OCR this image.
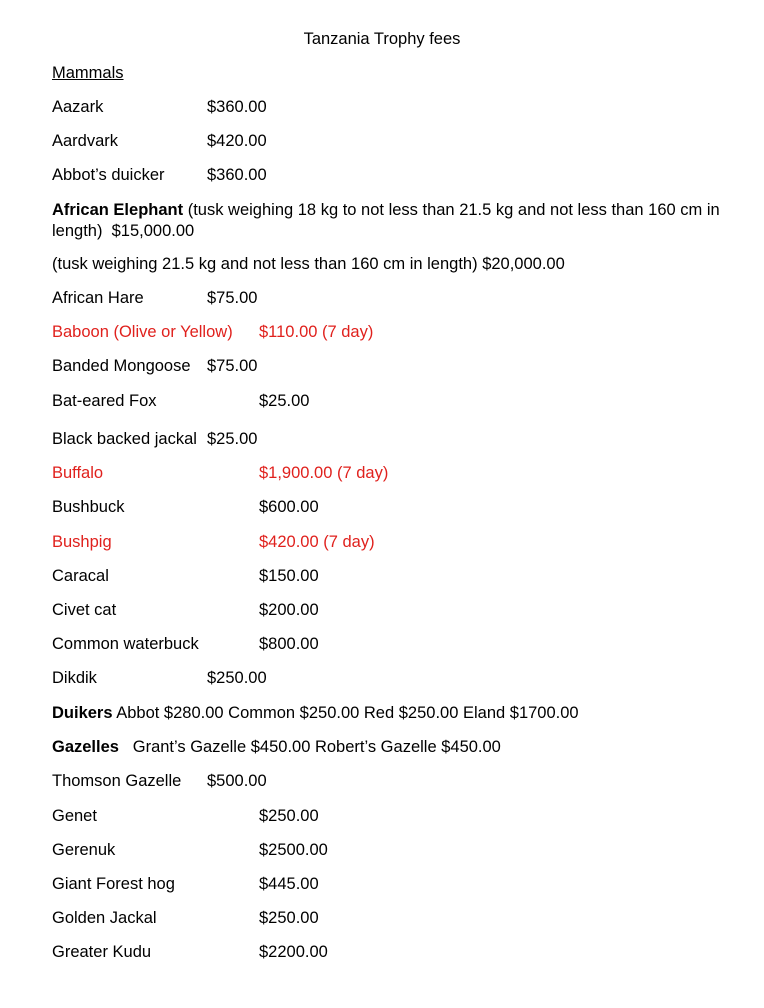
Tanzania Trophy fees
Mammals
Aazark	$360.00
Aardvark	$420.00
Abbot’s duicker	$360.00
African Elephant (tusk weighing 18 kg to not less than 21.5 kg and not less than 160 cm in length) $15,000.00
(tusk weighing 21.5 kg and not less than 160 cm in length) $20,000.00
African Hare	$75.00
Baboon (Olive or Yellow) $110.00 (7 day)
Banded Mongoose $75.00
Bat-eared Fox	$25.00
Black backed jackal $25.00
Buffalo	$1,900.00 (7 day)
Bushbuck	$600.00
Bushpig	$420.00 (7 day)
Caracal	$150.00
Civet cat	$200.00
Common waterbuck	$800.00
Dikdik	$250.00
Duikers Abbot $280.00 Common $250.00 Red $250.00 Eland $1700.00
Gazelles Grant’s Gazelle $450.00 Robert’s Gazelle $450.00
Thomson Gazelle $500.00
Genet	$250.00
Gerenuk	$2500.00
Giant Forest hog	$445.00
Golden Jackal	$250.00
Greater Kudu	$2200.00
